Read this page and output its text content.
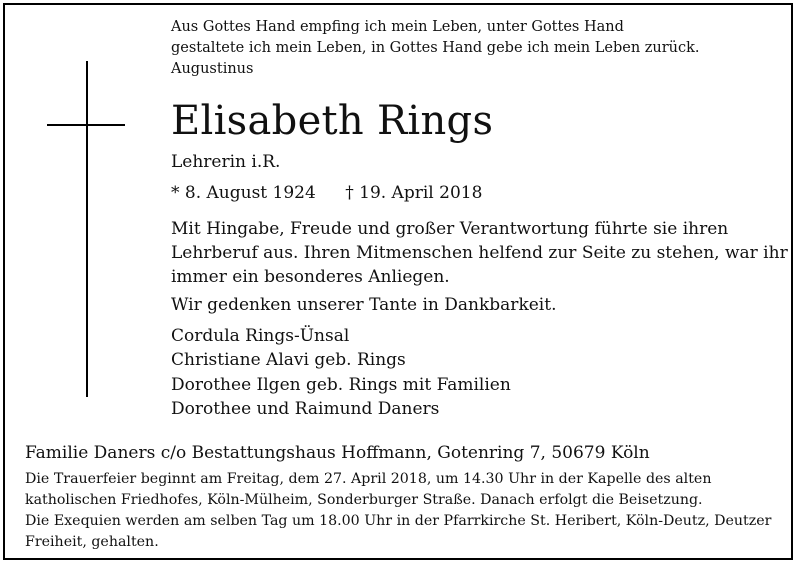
Aus Gottes Hand empfing ich mein Leben, unter Gottes Hand
gestaltete ich mein Leben, in Gottes Hand gebe ich mein Leben zurück.
Augustinus
Elisabeth Rings
Lehrerin i.R.
* 8. August 1924 † 19. April 2018
Mit Hingabe, Freude und großer Verantwortung führte sie ihren
Lehrberuf aus. Ihren Mitmenschen helfend zur Seite zu stehen, war ihr
immer ein besonderes Anliegen.
Wir gedenken unserer Tante in Dankbarkeit.
Cordula Rings-Ünsal
Christiane Alavi geb. Rings
Dorothee Ilgen geb. Rings mit Familien
Dorothee und Raimund Daners
Familie Daners c/o Bestattungshaus Hoffmann, Gotenring 7, 50679 Köln
Die Trauerfeier beginnt am Freitag, dem 27. April 2018, um 14.30 Uhr in der Kapelle des alten
katholischen Friedhofes, Köln-Mülheim, Sonderburger Straße. Danach erfolgt die Beisetzung.
Die Exequien werden am selben Tag um 18.00 Uhr in der Pfarrkirche St. Heribert, Köln-Deutz, Deutzer
Freiheit, gehalten.
